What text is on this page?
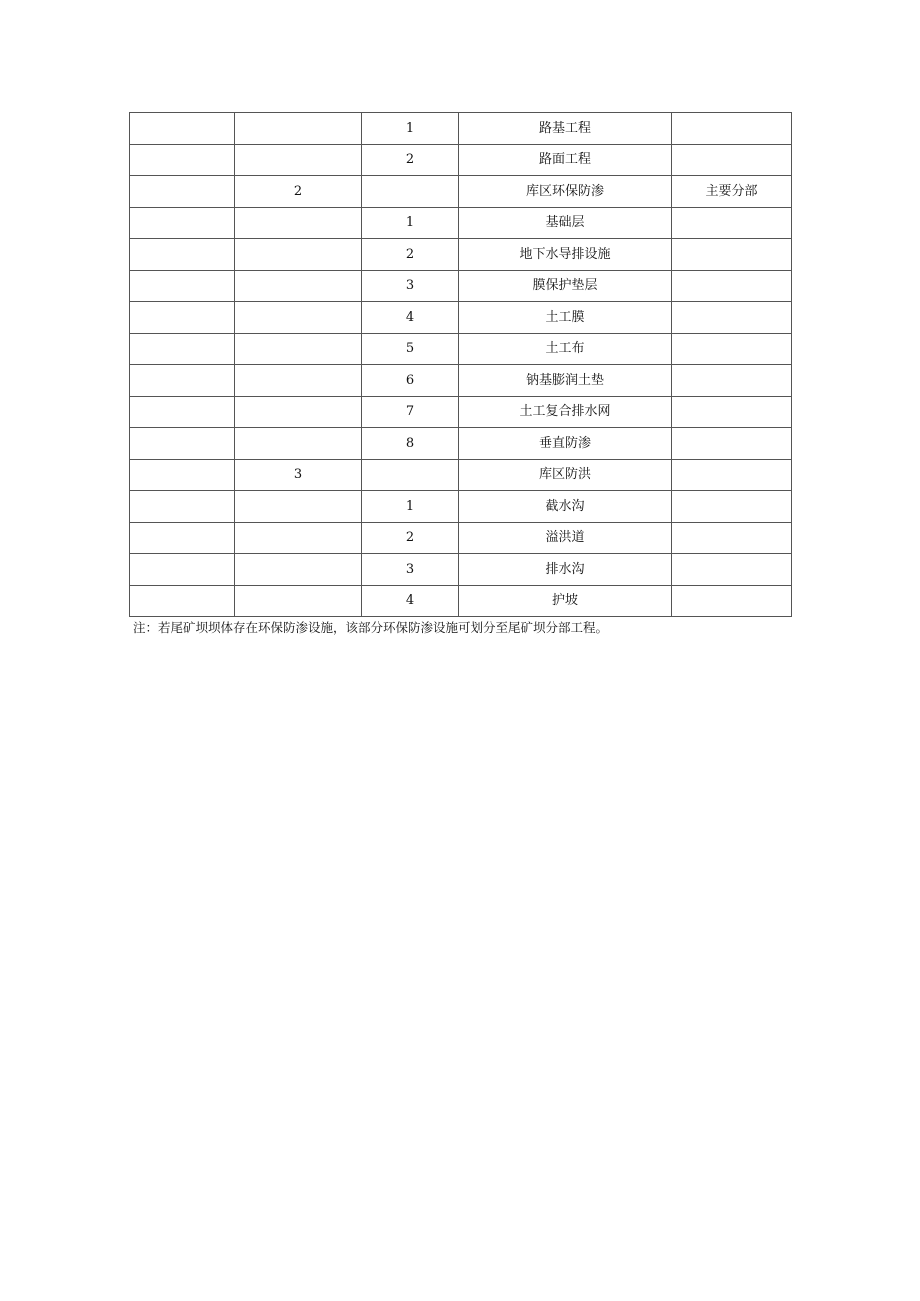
		1	路基工程	
		2	路面工程	
	2		库区环保防渗	主要分部
		1	基础层	
		2	地下水导排设施	
		3	膜保护垫层	
		4	土工膜	
		5	土工布	
		6	钠基膨润土垫	
		7	土工复合排水网	
		8	垂直防渗	
	3		库区防洪	
		1	截水沟	
		2	溢洪道	
		3	排水沟	
		4	护坡	
注：若尾矿坝坝体存在环保防渗设施，该部分环保防渗设施可划分至尾矿坝分部工程。
